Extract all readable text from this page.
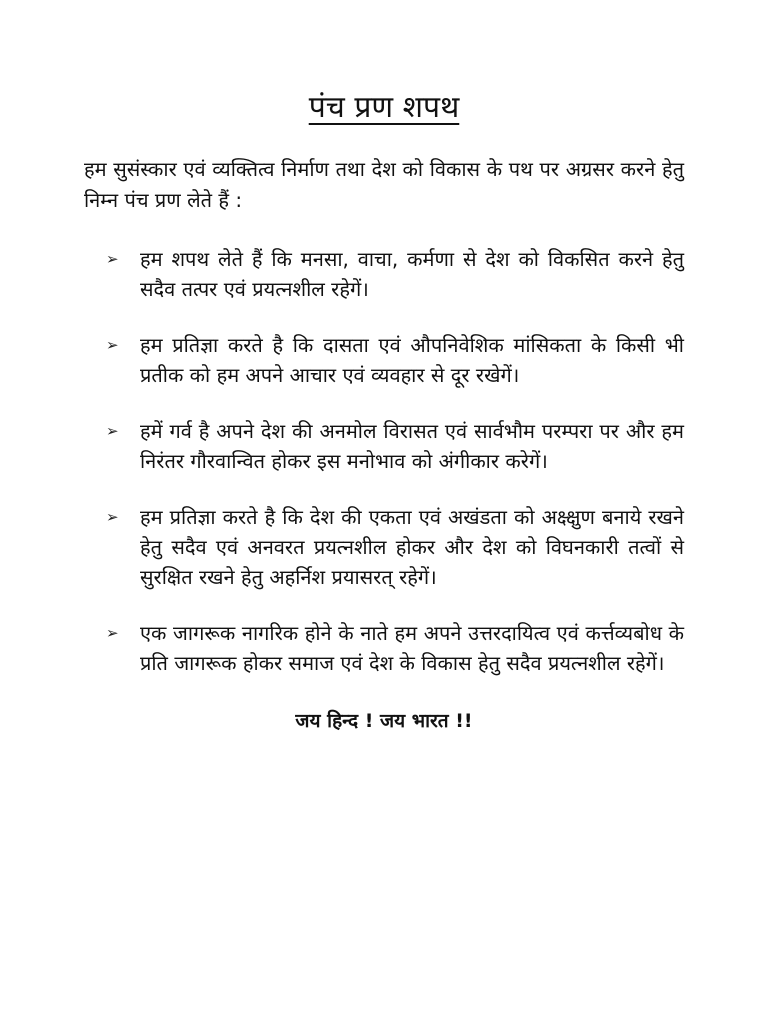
पंच प्रण शपथ

हम सुसंस्कार एवं व्यक्तित्व निर्माण तथा देश को विकास के पथ पर अग्रसर करने हेतु निम्न पंच प्रण लेते हैं :

➢	हम शपथ लेते हैं कि मनसा, वाचा, कर्मणा से देश को विकसित करने हेतु सदैव तत्पर एवं प्रयत्नशील रहेगें।
➢	हम प्रतिज्ञा करते है कि दासता एवं औपनिवेशिक मांसिकता के किसी भी प्रतीक को हम अपने आचार एवं व्यवहार से दूर रखेगें।
➢	हमें गर्व है अपने देश की अनमोल विरासत एवं सार्वभौम परम्परा पर और हम निरंतर गौरवान्वित होकर इस मनोभाव को अंगीकार करेगें।
➢	हम प्रतिज्ञा करते है कि देश की एकता एवं अखंडता को अक्ष्क्षुण बनाये रखने हेतु सदैव एवं अनवरत प्रयत्नशील होकर और देश को विघनकारी तत्वों से सुरक्षित रखने हेतु अहर्निश प्रयासरत् रहेगें।
➢	एक जागरूक नागरिक होने के नाते हम अपने उत्तरदायित्व एवं कर्त्तव्यबोध के प्रति जागरूक होकर समाज एवं देश के विकास हेतु सदैव प्रयत्नशील रहेगें।
जय हिन्द ! जय भारत !!
